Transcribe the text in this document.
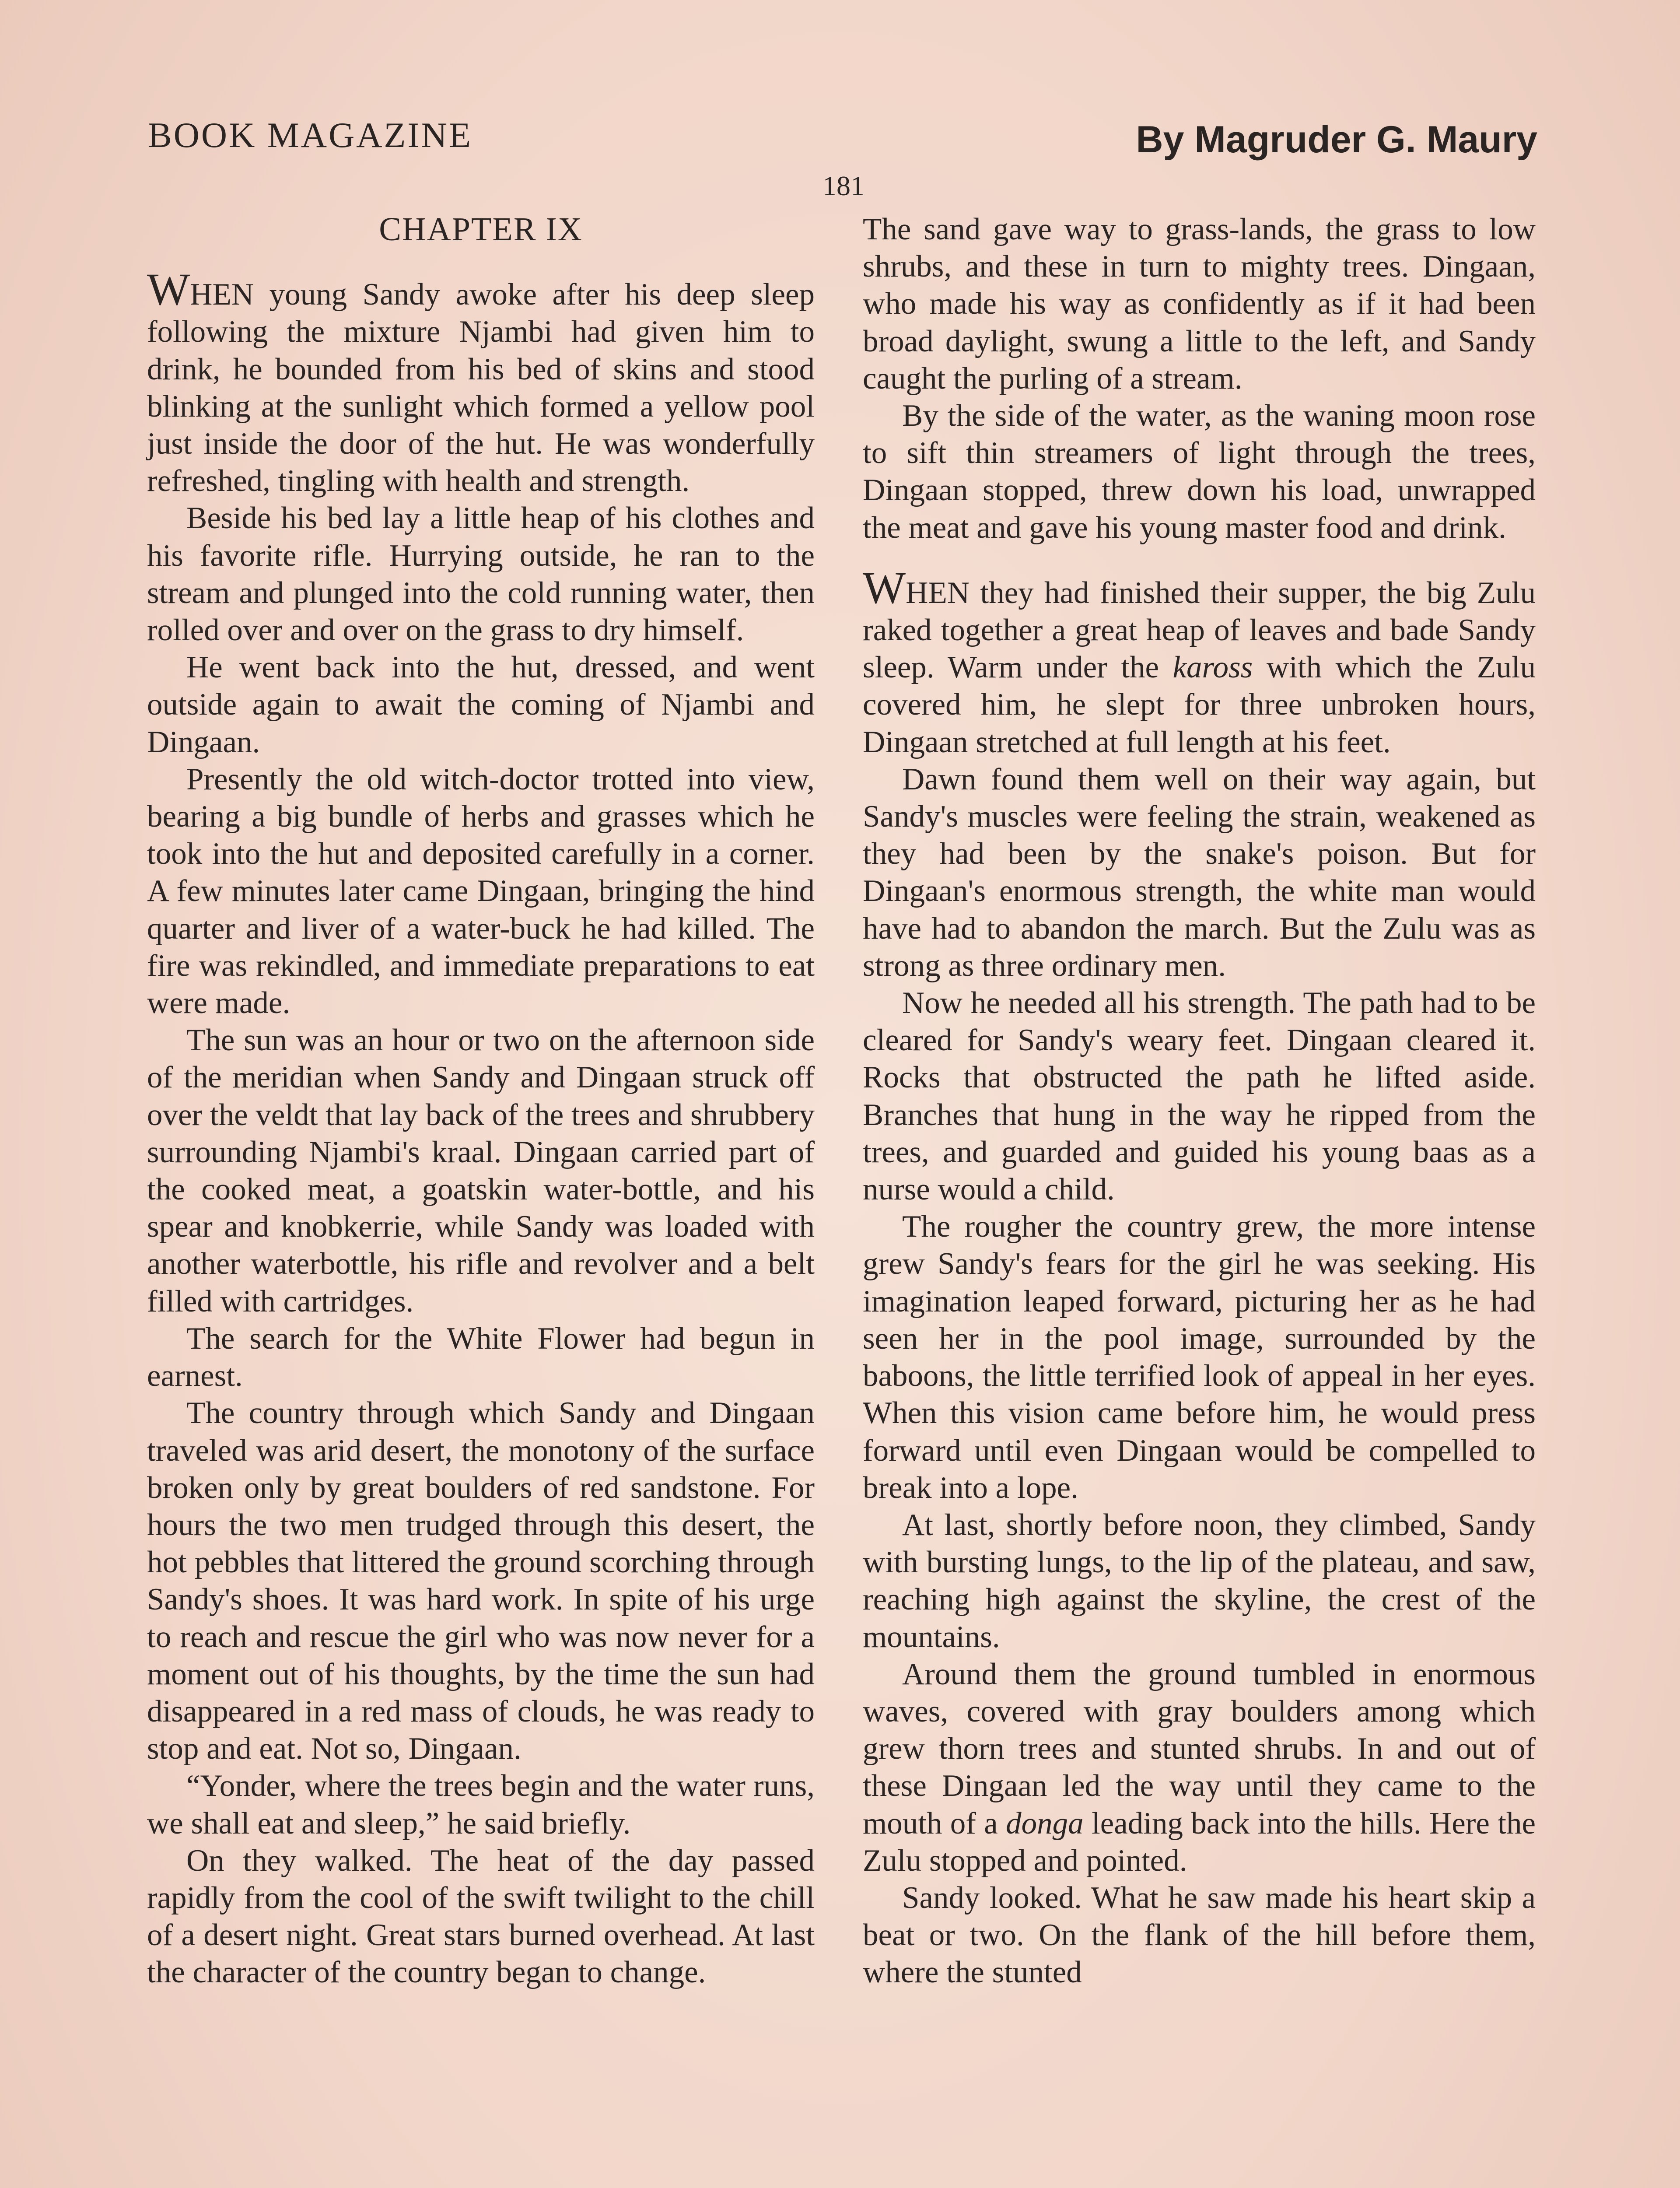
BOOK MAGAZINE	By Magruder G. Maury
181
CHAPTER IX

WHEN young Sandy awoke after his deep sleep following the mixture Njambi had given him to drink, he bounded from his bed of skins and stood blinking at the sunlight which formed a yellow pool just inside the door of the hut. He was wonderfully refreshed, tingling with health and strength.

Beside his bed lay a little heap of his clothes and his favorite rifle. Hurrying outside, he ran to the stream and plunged into the cold running water, then rolled over and over on the grass to dry himself.

He went back into the hut, dressed, and went outside again to await the coming of Njambi and Dingaan.

Presently the old witch-doctor trotted into view, bearing a big bundle of herbs and grasses which he took into the hut and deposited carefully in a corner. A few minutes later came Dingaan, bringing the hind quarter and liver of a water-buck he had killed. The fire was rekindled, and immediate preparations to eat were made.

The sun was an hour or two on the afternoon side of the meridian when Sandy and Dingaan struck off over the veldt that lay back of the trees and shrubbery surrounding Njambi's kraal. Dingaan carried part of the cooked meat, a goatskin water-bottle, and his spear and knobkerrie, while Sandy was loaded with another waterbottle, his rifle and revolver and a belt filled with cartridges.

The search for the White Flower had begun in earnest.

The country through which Sandy and Dingaan traveled was arid desert, the monotony of the surface broken only by great boulders of red sandstone. For hours the two men trudged through this desert, the hot pebbles that littered the ground scorching through Sandy's shoes. It was hard work. In spite of his urge to reach and rescue the girl who was now never for a moment out of his thoughts, by the time the sun had disappeared in a red mass of clouds, he was ready to stop and eat. Not so, Dingaan.

“Yonder, where the trees begin and the water runs, we shall eat and sleep,” he said briefly.

On they walked. The heat of the day passed rapidly from the cool of the swift twilight to the chill of a desert night. Great stars burned overhead. At last the character of the country began to change.

The sand gave way to grass-lands, the grass to low shrubs, and these in turn to mighty trees. Dingaan, who made his way as confidently as if it had been broad daylight, swung a little to the left, and Sandy caught the purling of a stream.

By the side of the water, as the waning moon rose to sift thin streamers of light through the trees, Dingaan stopped, threw down his load, unwrapped the meat and gave his young master food and drink.

WHEN they had finished their supper, the big Zulu raked together a great heap of leaves and bade Sandy sleep. Warm under the kaross with which the Zulu covered him, he slept for three unbroken hours, Dingaan stretched at full length at his feet.

Dawn found them well on their way again, but Sandy's muscles were feeling the strain, weakened as they had been by the snake's poison. But for Dingaan's enormous strength, the white man would have had to abandon the march. But the Zulu was as strong as three ordinary men.

Now he needed all his strength. The path had to be cleared for Sandy's weary feet. Dingaan cleared it. Rocks that obstructed the path he lifted aside. Branches that hung in the way he ripped from the trees, and guarded and guided his young baas as a nurse would a child.

The rougher the country grew, the more intense grew Sandy's fears for the girl he was seeking. His imagination leaped forward, picturing her as he had seen her in the pool image, surrounded by the baboons, the little terrified look of appeal in her eyes. When this vision came before him, he would press forward until even Dingaan would be compelled to break into a lope.

At last, shortly before noon, they climbed, Sandy with bursting lungs, to the lip of the plateau, and saw, reaching high against the skyline, the crest of the mountains.

Around them the ground tumbled in enormous waves, covered with gray boulders among which grew thorn trees and stunted shrubs. In and out of these Dingaan led the way until they came to the mouth of a donga leading back into the hills. Here the Zulu stopped and pointed.

Sandy looked. What he saw made his heart skip a beat or two. On the flank of the hill before them, where the stunted
